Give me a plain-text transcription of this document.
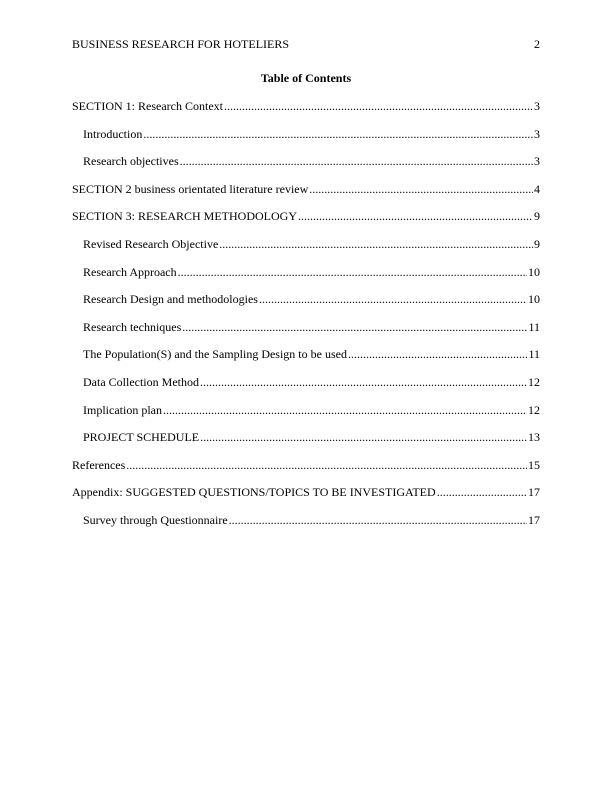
BUSINESS RESEARCH FOR HOTELIERS	2
Table of Contents
SECTION 1: Research Context .....	3
Introduction .....	3
Research objectives .....	3
SECTION 2 business orientated literature review .....	4
SECTION 3: RESEARCH METHODOLOGY .....	9
Revised Research Objective .....	9
Research Approach .....	10
Research Design and methodologies .....	10
Research techniques .....	11
The Population(S) and the Sampling Design to be used .....	11
Data Collection Method .....	12
Implication plan .....	12
PROJECT SCHEDULE .....	13
References .....	15
Appendix: SUGGESTED QUESTIONS/TOPICS TO BE INVESTIGATED .....	17
Survey through Questionnaire .....	17
